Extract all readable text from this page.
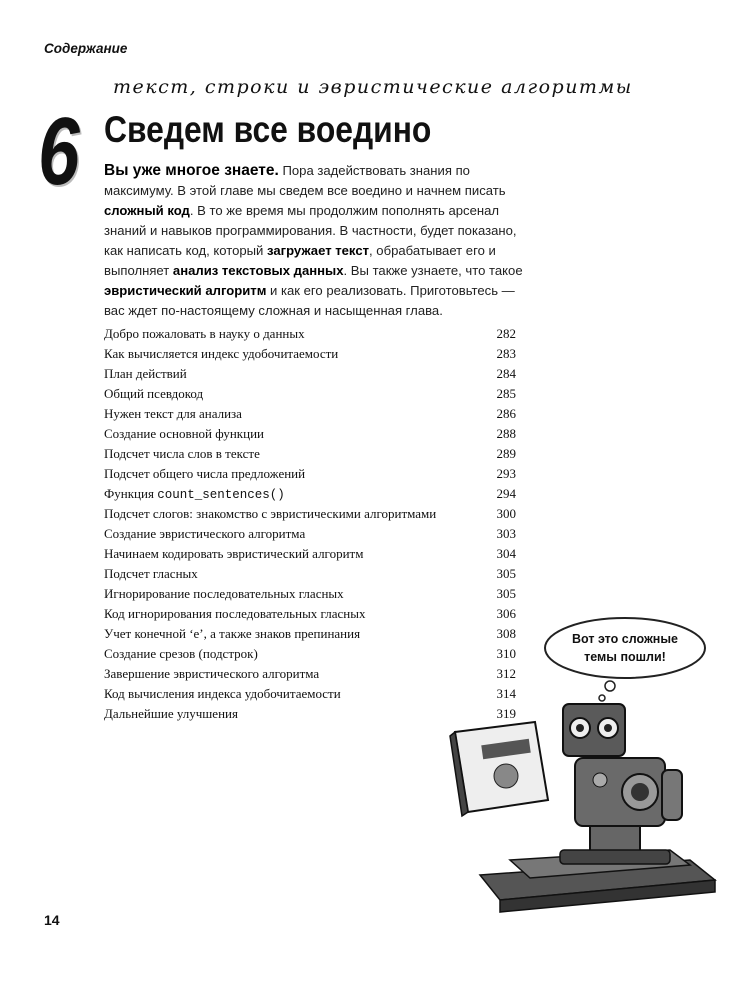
Содержание
текст, строки и эвристические алгоритмы
6 Сведем все воедино
Вы уже многое знаете. Пора задействовать знания по максимуму. В этой главе мы сведем все воедино и начнем писать сложный код. В то же время мы продолжим пополнять арсенал знаний и навыков программирования. В частности, будет показано, как написать код, который загружает текст, обрабатывает его и выполняет анализ текстовых данных. Вы также узнаете, что такое эвристический алгоритм и как его реализовать. Приготовьтесь — вас ждет по-настоящему сложная и насыщенная глава.
Добро пожаловать в науку о данных	282
Как вычисляется индекс удобочитаемости	283
План действий	284
Общий псевдокод	285
Нужен текст для анализа	286
Создание основной функции	288
Подсчет числа слов в тексте	289
Подсчет общего числа предложений	293
Функция count_sentences()	294
Подсчет слогов: знакомство с эвристическими алгоритмами	300
Создание эвристического алгоритма	303
Начинаем кодировать эвристический алгоритм	304
Подсчет гласных	305
Игнорирование последовательных гласных	305
Код игнорирования последовательных гласных	306
Учет конечной ‘е’, а также знаков препинания	308
Создание срезов (подстрок)	310
Завершение эвристического алгоритма	312
Код вычисления индекса удобочитаемости	314
Дальнейшие улучшения	319
Вот это сложные
темы пошли!
14
